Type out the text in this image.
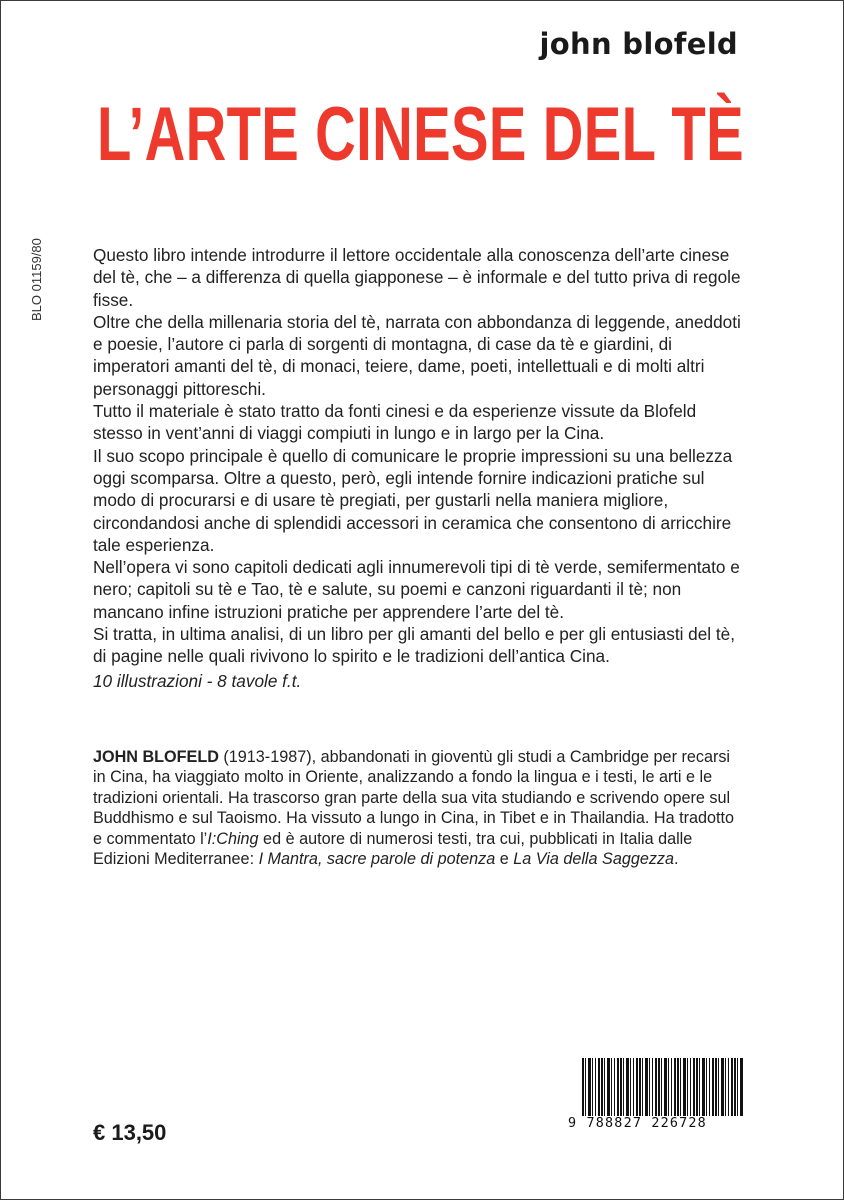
john blofeld
L’ARTE CINESE DEL TÈ
BLO 01159/80	Questo libro intende introdurre il lettore occidentale alla conoscenza dell’arte cinese del tè, che – a differenza di quella giapponese – è informale e del tutto priva di regole fisse.

Oltre che della millenaria storia del tè, narrata con abbondanza di leggende, aneddoti e poesie, l’autore ci parla di sorgenti di montagna, di case da tè e giardini, di imperatori amanti del tè, di monaci, teiere, dame, poeti, intellettuali e di molti altri personaggi pittoreschi.

Tutto il materiale è stato tratto da fonti cinesi e da esperienze vissute da Blofeld stesso in vent’anni di viaggi compiuti in lungo e in largo per la Cina.

Il suo scopo principale è quello di comunicare le proprie impressioni su una bellezza oggi scomparsa. Oltre a questo, però, egli intende fornire indicazioni pratiche sul modo di procurarsi e di usare tè pregiati, per gustarli nella maniera migliore, circondandosi anche di splendidi accessori in ceramica che consentono di arricchire tale esperienza.

Nell’opera vi sono capitoli dedicati agli innumerevoli tipi di tè verde, semifermentato e nero; capitoli su tè e Tao, tè e salute, su poemi e canzoni riguardanti il tè; non mancano infine istruzioni pratiche per apprendere l’arte del tè.

Si tratta, in ultima analisi, di un libro per gli amanti del bello e per gli entusiasti del tè, di pagine nelle quali rivivono lo spirito e le tradizioni dell’antica Cina.

10 illustrazioni - 8 tavole f.t.
JOHN BLOFELD (1913-1987), abbandonati in gioventù gli studi a Cambridge per recarsi in Cina, ha viaggiato molto in Oriente, analizzando a fondo la lingua e i testi, le arti e le tradizioni orientali. Ha trascorso gran parte della sua vita studiando e scrivendo opere sul Buddhismo e sul Taoismo. Ha vissuto a lungo in Cina, in Tibet e in Thailandia. Ha tradotto e commentato l’I:Ching ed è autore di numerosi testi, tra cui, pubblicati in Italia dalle Edizioni Mediterranee: I Mantra, sacre parole di potenza e La Via della Saggezza.
€ 13,50	9 788827 226728
